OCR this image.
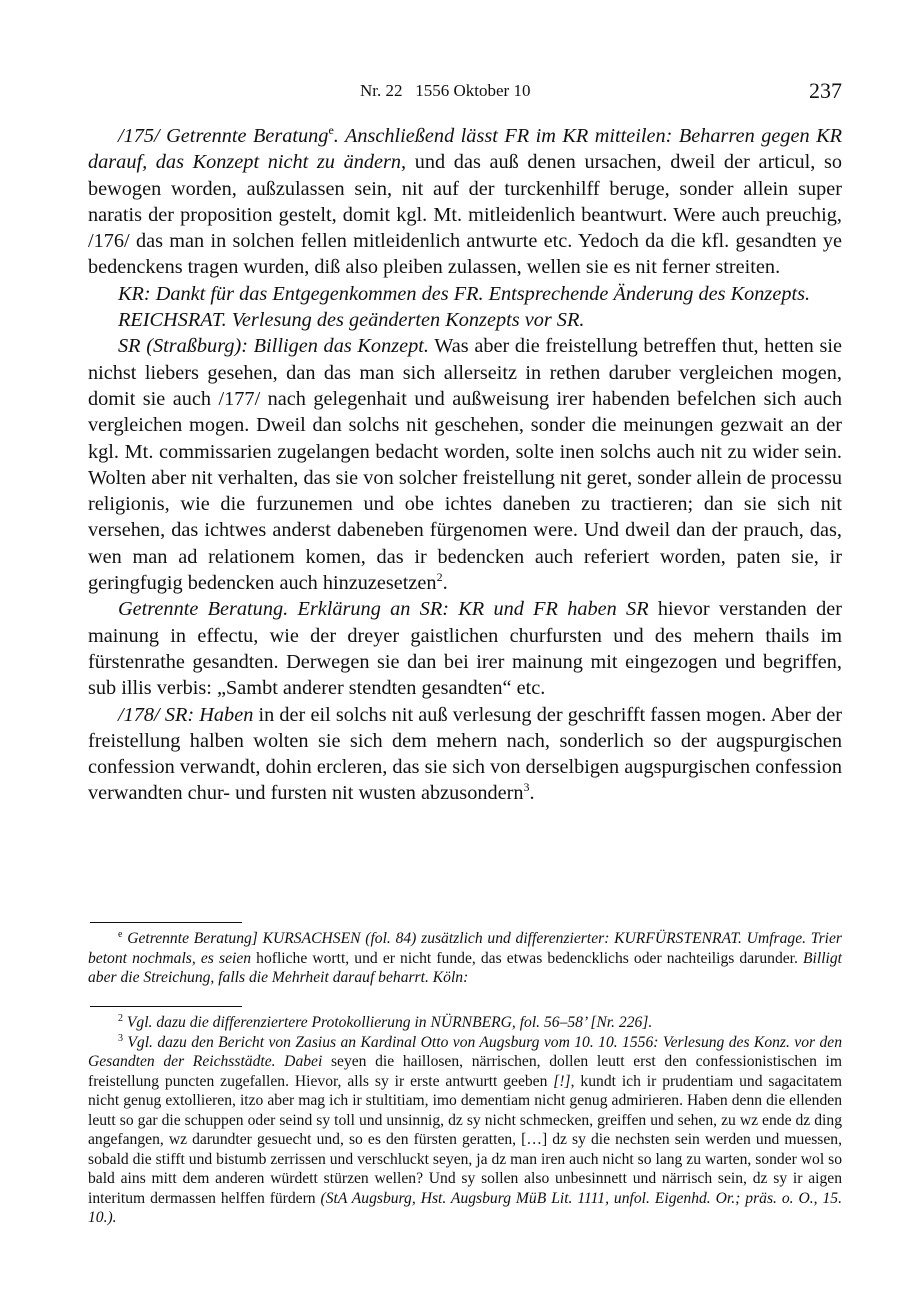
Nr. 22   1556 Oktober 10	237

/175/ Getrennte Beratung$^e$. Anschließend lässt FR im KR mitteilen: Beharren gegen KR darauf, das Konzept nicht zu ändern, und das auß denen ursachen, dweil der articul, so bewogen worden, außzulassen sein, nit auf der turckenhilff beruge, sonder allein super naratis der proposition gestelt, domit kgl. Mt. mitleidenlich beantwurt. Were auch preuchig, /176/ das man in solchen fellen mitleidenlich antwurte etc. Yedoch da die kfl. gesandten ye bedenckens tragen wurden, diß also pleiben zulassen, wellen sie es nit ferner streiten.

KR: Dankt für das Entgegenkommen des FR. Entsprechende Änderung des Konzepts.

REICHSRAT. Verlesung des geänderten Konzepts vor SR.

SR (Straßburg): Billigen das Konzept. Was aber die freistellung betreffen thut, hetten sie nichst liebers gesehen, dan das man sich allerseitz in rethen daruber vergleichen mogen, domit sie auch /177/ nach gelegenhait und außweisung irer habenden befelchen sich auch vergleichen mogen. Dweil dan solchs nit geschehen, sonder die meinungen gezwait an der kgl. Mt. commissarien zugelangen bedacht worden, solte inen solchs auch nit zu wider sein. Wolten aber nit verhalten, das sie von solcher freistellung nit geret, sonder allein de processu religionis, wie die furzunemen und obe ichtes daneben zu tractieren; dan sie sich nit versehen, das ichtwes anderst dabeneben fürgenomen were. Und dweil dan der prauch, das, wen man ad relationem komen, das ir bedencken auch referiert worden, paten sie, ir geringfugig bedencken auch hinzuzesetzen$^2$.

Getrennte Beratung. Erklärung an SR: KR und FR haben SR hievor verstanden der mainung in effectu, wie der dreyer gaistlichen churfursten und des mehern thails im fürstenrathe gesandten. Derwegen sie dan bei irer mainung mit eingezogen und begriffen, sub illis verbis: „Sambt anderer stendten gesandten“ etc.

/178/ SR: Haben in der eil solchs nit auß verlesung der geschrifft fassen mogen. Aber der freistellung halben wolten sie sich dem mehern nach, sonderlich so der augspurgischen confession verwandt, dohin ercleren, das sie sich von derselbigen augspurgischen confession verwandten chur- und fursten nit wusten abzusondern$^3$.

$^e$ Getrennte Beratung] KURSACHSEN (fol. 84) zusätzlich und differenzierter: KURFÜRSTENRAT. Umfrage. Trier betont nochmals, es seien hofliche wortt, und er nicht funde, das etwas bedencklichs oder nachteiligs darunder. Billigt aber die Streichung, falls die Mehrheit darauf beharrt. Köln:

$^2$ Vgl. dazu die differenziertere Protokollierung in NÜRNBERG, fol. 56–58’ [Nr. 226].

$^3$ Vgl. dazu den Bericht von Zasius an Kardinal Otto von Augsburg vom 10. 10. 1556: Verlesung des Konz. vor den Gesandten der Reichsstädte. Dabei seyen die haillosen, närrischen, dollen leutt erst den confessionistischen im freistellung puncten zugefallen. Hievor, alls sy ir erste antwurtt geeben [!], kundt ich ir prudentiam und sagacitatem nicht genug extollieren, itzo aber mag ich ir stultitiam, imo dementiam nicht genug admirieren. Haben denn die ellenden leutt so gar die schuppen oder seind sy toll und unsinnig, dz sy nicht schmecken, greiffen und sehen, zu wz ende dz ding angefangen, wz darundter gesuecht und, so es den fürsten geratten, […] dz sy die nechsten sein werden und muessen, sobald die stifft und bistumb zerrissen und verschluckt seyen, ja dz man iren auch nicht so lang zu warten, sonder wol so bald ains mitt dem anderen würdett stürzen wellen? Und sy sollen also unbesinnett und närrisch sein, dz sy ir aigen interitum dermassen helffen fürdern (StA Augsburg, Hst. Augsburg MüB Lit. 1111, unfol. Eigenhd. Or.; präs. o. O., 15. 10.).
